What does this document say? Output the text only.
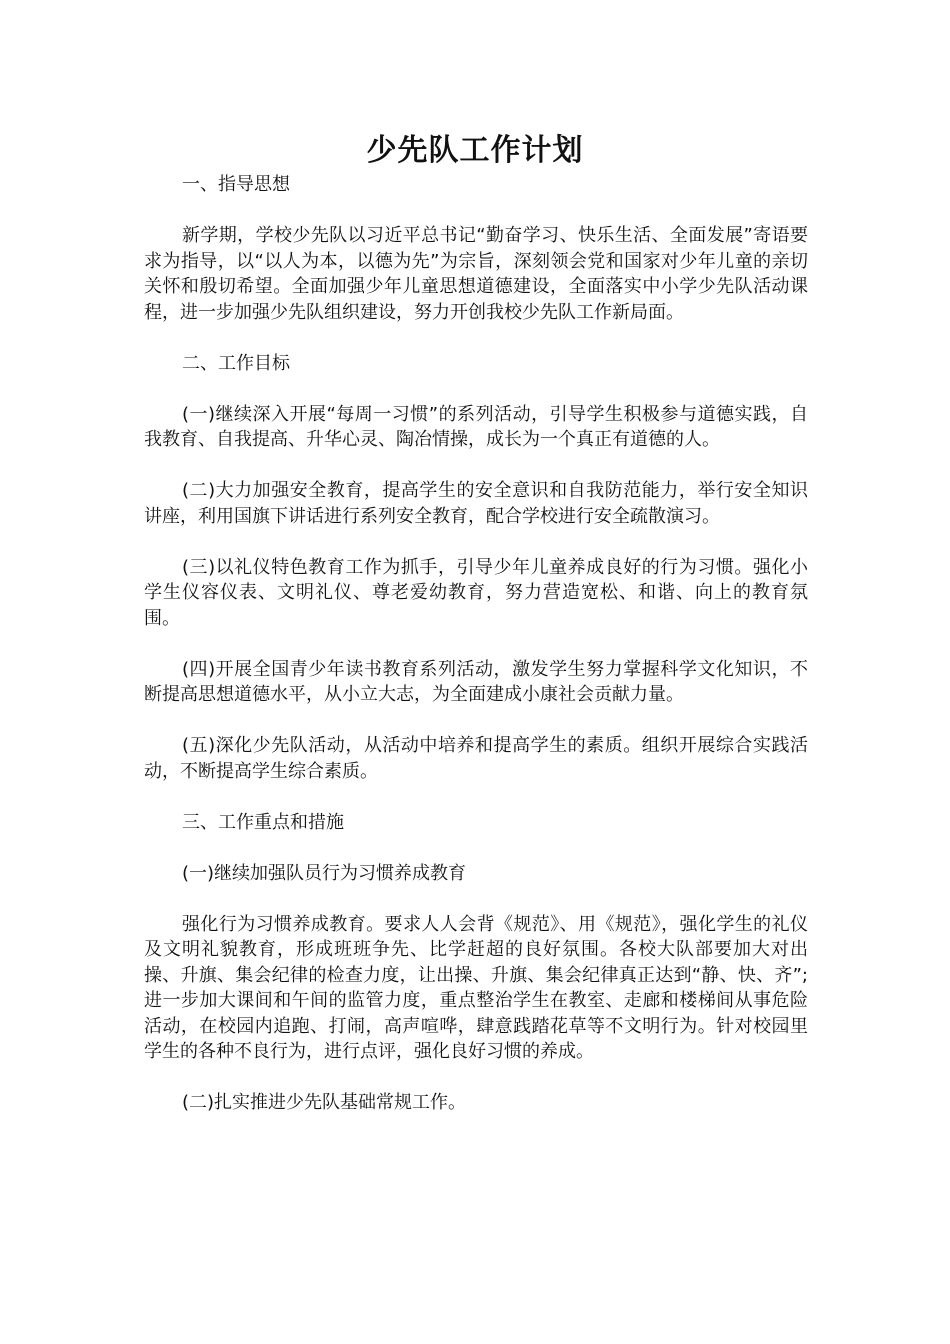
少先队工作计划

一、指导思想

新学期，学校少先队以习近平总书记“勤奋学习、快乐生活、全面发展”寄语要求为指导，以“以人为本，以德为先”为宗旨，深刻领会党和国家对少年儿童的亲切关怀和殷切希望。全面加强少年儿童思想道德建设，全面落实中小学少先队活动课程，进一步加强少先队组织建设，努力开创我校少先队工作新局面。

二、工作目标

(一)继续深入开展“每周一习惯”的系列活动，引导学生积极参与道德实践，自我教育、自我提高、升华心灵、陶冶情操，成长为一个真正有道德的人。

(二)大力加强安全教育，提高学生的安全意识和自我防范能力，举行安全知识讲座，利用国旗下讲话进行系列安全教育，配合学校进行安全疏散演习。

(三)以礼仪特色教育工作为抓手，引导少年儿童养成良好的行为习惯。强化小学生仪容仪表、文明礼仪、尊老爱幼教育，努力营造宽松、和谐、向上的教育氛围。

(四)开展全国青少年读书教育系列活动，激发学生努力掌握科学文化知识，不断提高思想道德水平，从小立大志，为全面建成小康社会贡献力量。

(五)深化少先队活动，从活动中培养和提高学生的素质。组织开展综合实践活动，不断提高学生综合素质。

三、工作重点和措施

(一)继续加强队员行为习惯养成教育

强化行为习惯养成教育。要求人人会背《规范》、用《规范》，强化学生的礼仪及文明礼貌教育，形成班班争先、比学赶超的良好氛围。各校大队部要加大对出操、升旗、集会纪律的检查力度，让出操、升旗、集会纪律真正达到“静、快、齐”;进一步加大课间和午间的监管力度，重点整治学生在教室、走廊和楼梯间从事危险活动，在校园内追跑、打闹，高声喧哗，肆意践踏花草等不文明行为。针对校园里学生的各种不良行为，进行点评，强化良好习惯的养成。

(二)扎实推进少先队基础常规工作。
